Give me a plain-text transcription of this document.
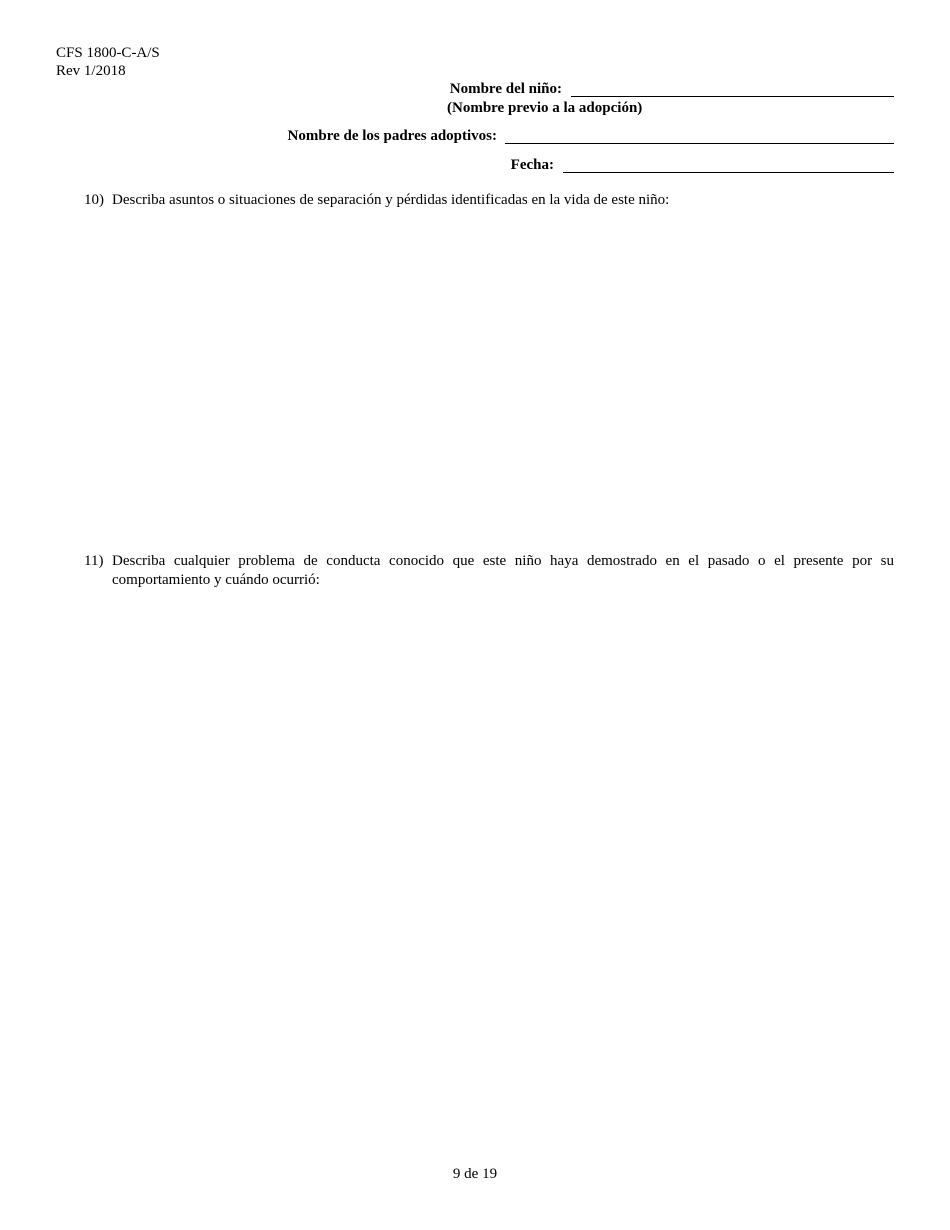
CFS 1800-C-A/S
Rev 1/2018
Nombre del niño:
(Nombre previo a la adopción)
Nombre de los padres adoptivos:
Fecha:
10) Describa asuntos o situaciones de separación y pérdidas identificadas en la vida de este niño:
11) Describa cualquier problema de conducta conocido que este niño haya demostrado en el pasado o el presente por su comportamiento y cuándo ocurrió:
9 de 19
